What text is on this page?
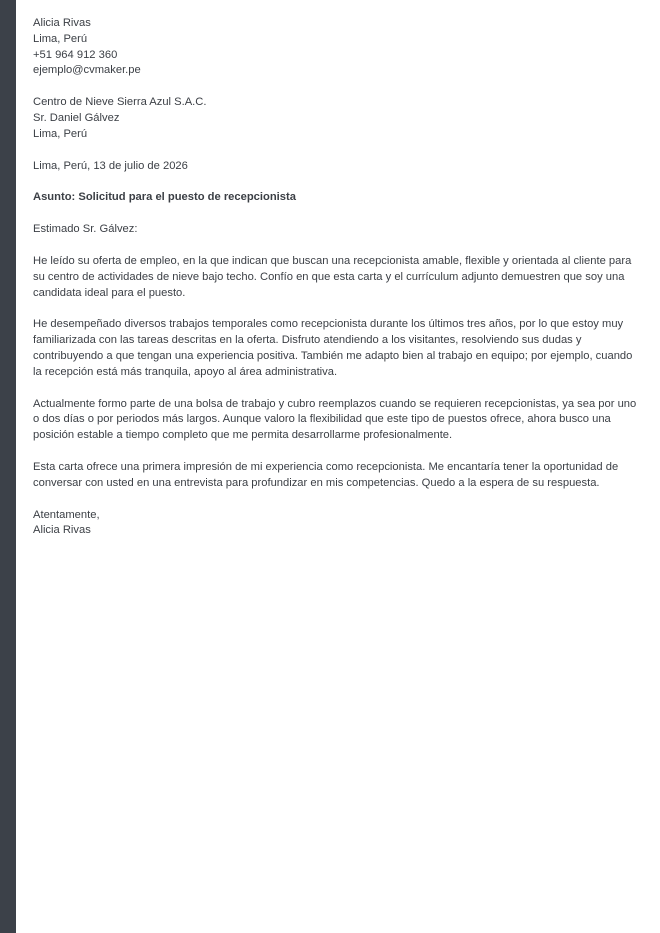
Alicia Rivas
Lima, Perú
+51 964 912 360
ejemplo@cvmaker.pe
Centro de Nieve Sierra Azul S.A.C.
Sr. Daniel Gálvez
Lima, Perú
Lima, Perú, 13 de julio de 2026
Asunto: Solicitud para el puesto de recepcionista
Estimado Sr. Gálvez:

He leído su oferta de empleo, en la que indican que buscan una recepcionista amable, flexible y orientada al cliente para su centro de actividades de nieve bajo techo. Confío en que esta carta y el currículum adjunto demuestren que soy una candidata ideal para el puesto.

He desempeñado diversos trabajos temporales como recepcionista durante los últimos tres años, por lo que estoy muy familiarizada con las tareas descritas en la oferta. Disfruto atendiendo a los visitantes, resolviendo sus dudas y contribuyendo a que tengan una experiencia positiva. También me adapto bien al trabajo en equipo; por ejemplo, cuando la recepción está más tranquila, apoyo al área administrativa.

Actualmente formo parte de una bolsa de trabajo y cubro reemplazos cuando se requieren recepcionistas, ya sea por uno o dos días o por periodos más largos. Aunque valoro la flexibilidad que este tipo de puestos ofrece, ahora busco una posición estable a tiempo completo que me permita desarrollarme profesionalmente.

Esta carta ofrece una primera impresión de mi experiencia como recepcionista. Me encantaría tener la oportunidad de conversar con usted en una entrevista para profundizar en mis competencias. Quedo a la espera de su respuesta.

Atentamente,
Alicia Rivas
